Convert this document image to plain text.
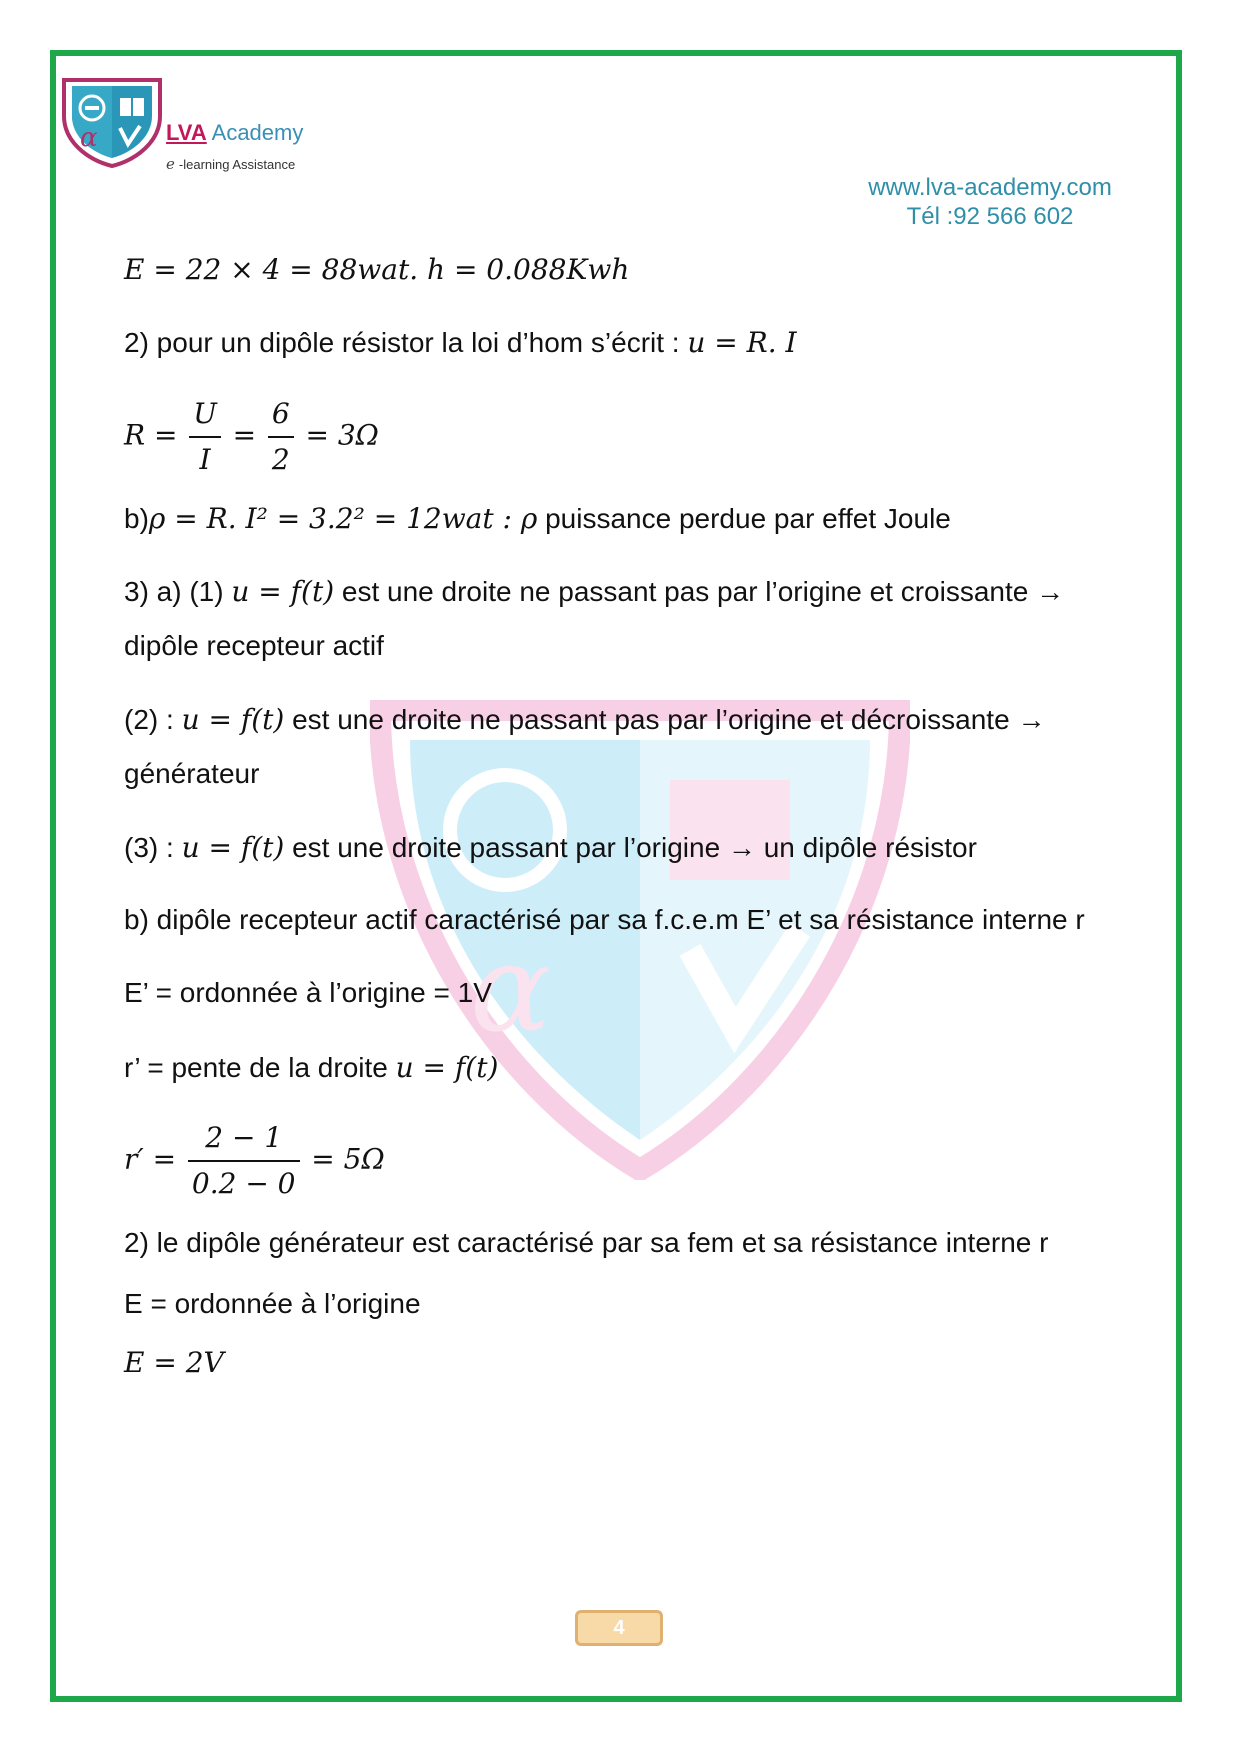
α	LVA Academy
e -learning Assistance
www.lva-academy.com
Tél :92 566 602
α
E = 22 × 4 = 88wat. h = 0.088Kwh
2) pour un dipôle résistor la loi d’hom s’écrit : u = R. I
$R = \frac{U}{I} = \frac{6}{2} = 3\Omega$
b)ρ = R. I² = 3.2² = 12wat : ρ puissance perdue par effet Joule
3) a) (1) u = f(t) est une droite ne passant pas par l’origine et croissante →
dipôle recepteur actif
(2) : u = f(t) est une droite ne passant pas par l’origine et décroissante →
générateur
(3) : u = f(t) est une droite passant par l’origine → un dipôle résistor
b) dipôle recepteur actif caractérisé par sa f.c.e.m E’ et sa résistance interne r
E’ = ordonnée à l’origine = 1V
r’ = pente de la droite u = f(t)
$r' = \frac{2 - 1}{0.2 - 0} = 5\Omega$
2) le dipôle générateur est caractérisé par sa fem et sa résistance interne r
E = ordonnée à l’origine
E = 2V
4
